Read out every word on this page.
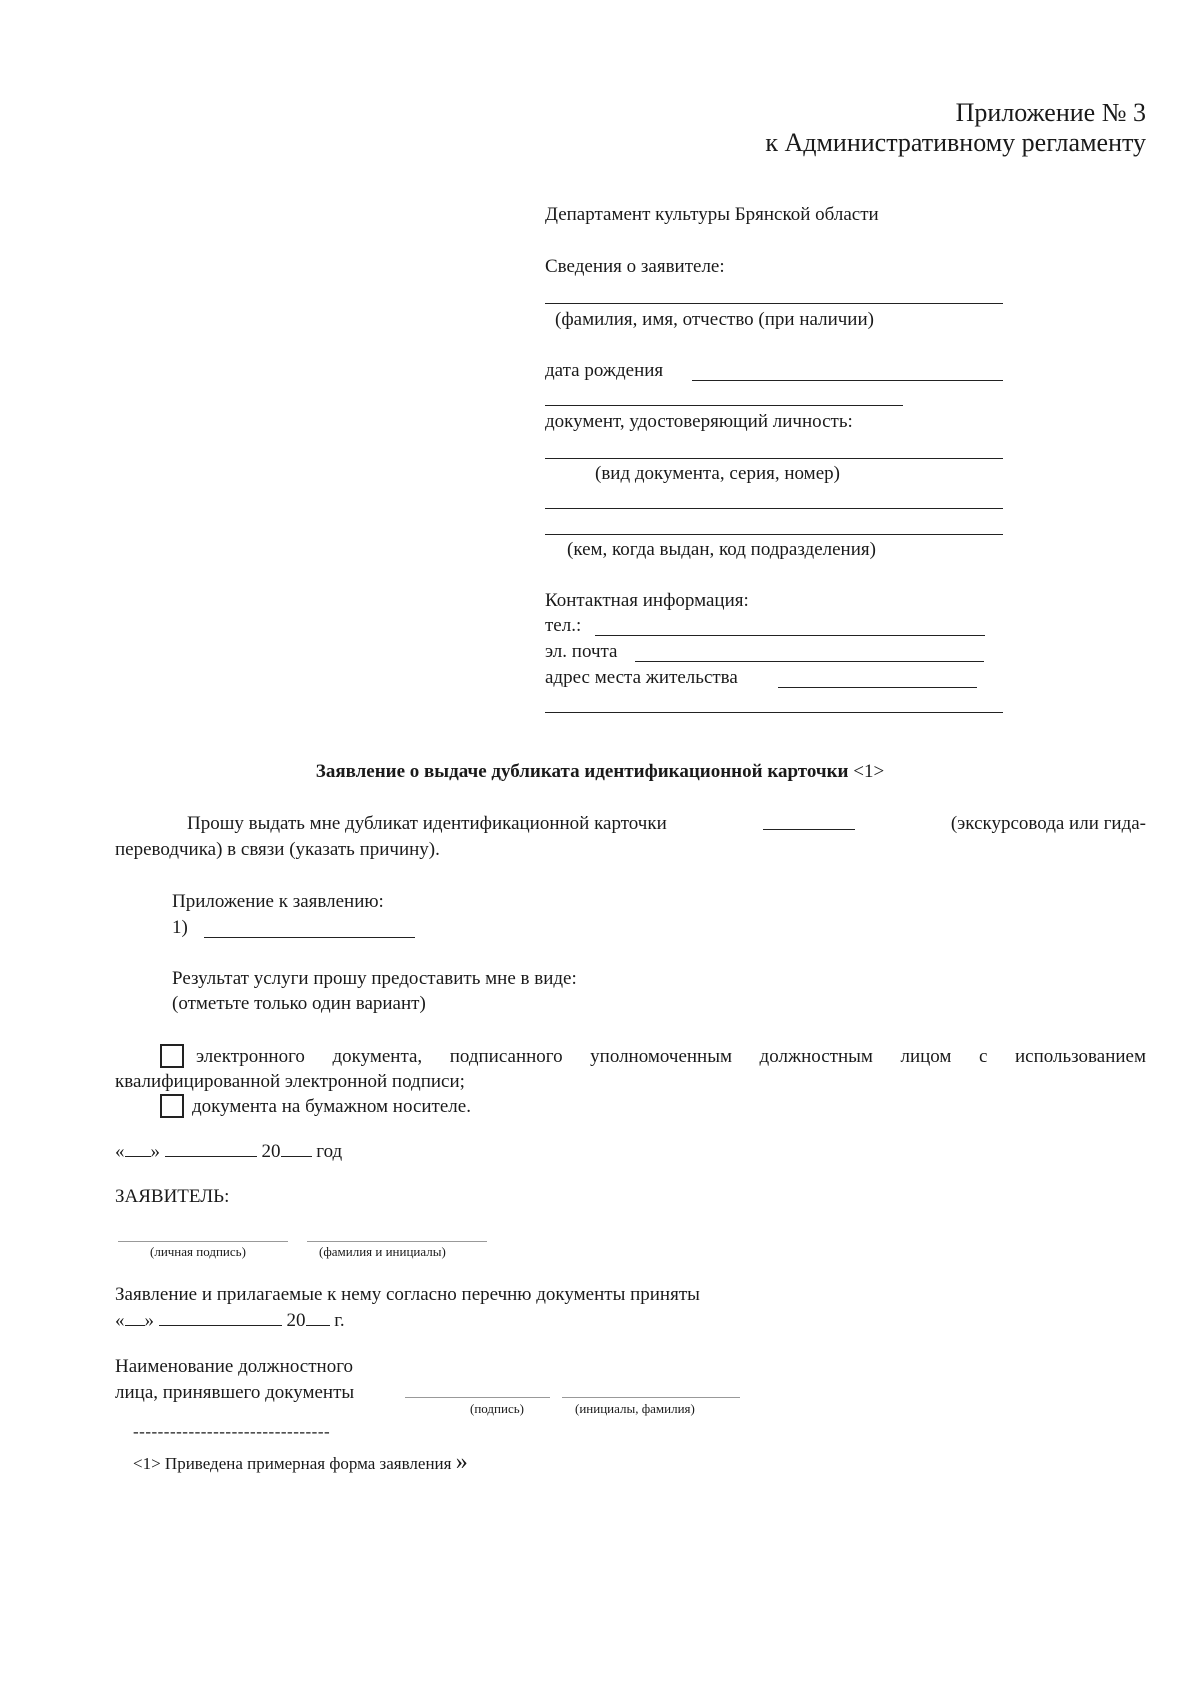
Приложение № 3
к Административному регламенту
Департамент культуры Брянской области
Сведения о заявителе:
(фамилия, имя, отчество (при наличии)
дата рождения
документ, удостоверяющий личность:
(вид документа, серия, номер)
(кем, когда выдан, код подразделения)
Контактная информация:
тел.:
эл. почта
адрес места жительства
Заявление о выдаче дубликата идентификационной карточки <1>
Прошу выдать мне дубликат идентификационной карточки	(экскурсовода или гида-
переводчика) в связи (указать причину).
Приложение к заявлению:
1)
Результат услуги прошу предоставить мне в виде:
(отметьте только один вариант)
электронного документа, подписанного уполномоченным должностным лицом с использованием
квалифицированной электронной подписи;
документа на бумажном носителе.
« »	20 год
ЗАЯВИТЕЛЬ:
(личная подпись)	(фамилия и инициалы)
Заявление и прилагаемые к нему согласно перечню документы приняты
« »	20 г.
Наименование должностного
лица, принявшего документы
(подпись)	(инициалы, фамилия)
--------------------------------
<1> Приведена примерная форма заявления »
